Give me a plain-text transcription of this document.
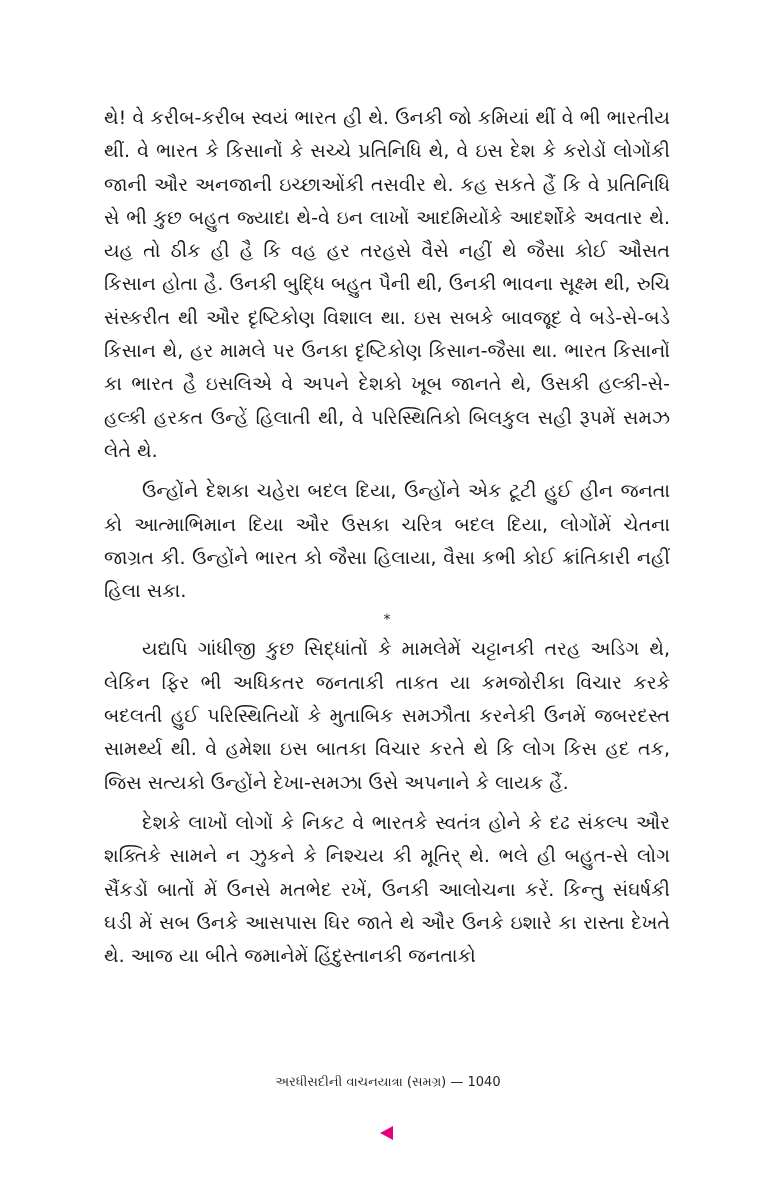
થે! વે કરીબ-કરીબ સ્વયં ભારત હી થે. ઉનકી જો કમિયાં થીં વે ભી ભારતીય થીં. વે ભારત કે કિસાનોં કે સચ્ચે પ્રતિનિધિ થે, વે ઇસ દેશ કે કરોડોં લોગોંકી જાની ઔર અનજાની ઇચ્છાઓંકી તસવીર થે. કહ સકતે હૈં કિ વે પ્રતિનિધિ સે ભી કુછ બહુત જ્યાદા થે-વે ઇન લાખોં આદમિયોંકે આદર્શોંકે અવતાર થે. યહ તો ઠીક હી હૈ કિ વહ હર તરહસે વૈસે નહીં થે જૈસા કોઈ ઔસત કિસાન હોતા હૈ. ઉનકી બુદ્ધિ બહુત પૈની થી, ઉનકી ભાવના સૂક્ષ્મ થી, રુચિ સંસ્કરીત થી ઔર દૃષ્ટિકોણ વિશાલ થા. ઇસ સબકે બાવજૂદ વે બડે-સે-બડે કિસાન થે, હર મામલે પર ઉનકા દૃષ્ટિકોણ કિસાન-જૈસા થા. ભારત કિસાનોં કા ભારત હૈ ઇસલિએ વે અપને દેશકો ખૂબ જાનતે થે, ઉસકી હલ્કી-સે-હલ્કી હરકત ઉન્હેં હિલાતી થી, વે પરિસ્થિતિકો બિલકુલ સહી રૂપમેં સમઝ લેતે થે.

ઉન્હોંને દેશકા ચહેરા બદલ દિયા, ઉન્હોંને એક ટૂટી હુઈ હીન જનતા કો આત્માભિમાન દિયા ઔર ઉસકા ચરિત્ર બદલ દિયા, લોગોંમેં ચેતના જાગ્રત કી. ઉન્હોંને ભારત કો જૈસા હિલાયા, વૈસા કભી કોઈ ક્રાંતિકારી નહીં હિલા સકા.

*

યદ્યપિ ગાંધીજી કુછ સિદ્ધાંતોં કે મામલેમેં ચટ્ટાનકી તરહ અડિગ થે, લેકિન ફિર ભી અધિકતર જનતાકી તાકત યા કમજોરીકા વિચાર કરકે બદલતી હુઈ પરિસ્થિતિયોં કે મુતાબિક સમઝૌતા કરનેકી ઉનમેં જબરદસ્ત સામર્થ્ય થી. વે હમેશા ઇસ બાતકા વિચાર કરતે થે કિ લોગ કિસ હદ તક, જિસ સત્યકો ઉન્હોંને દેખા-સમઝા ઉસે અપનાને કે લાયક હૈં.

દેશકે લાખોં લોગોં કે નિકટ વે ભારતકે સ્વતંત્ર હોને કે દઢ સંકલ્પ ઔર શક્તિકે સામને ન ઝુકને કે નિશ્ચય કી મૂતિર્ થે. ભલે હી બહુત-સે લોગ સૈંકડોં બાતોં મેં ઉનસે મતભેદ રખેં, ઉનકી આલોચના કરેં. કિન્તુ સંઘર્ષકી ઘડી મેં સબ ઉનકે આસપાસ ઘિર જાતે થે ઔર ઉનકે ઇશારે કા રાસ્તા દેખતે થે. આજ યા બીતે જમાનેમેં હિંદુસ્તાનકી જનતાકો

અરધીસદીની વાચનયાત્રા (સમગ્ર) — 1040
